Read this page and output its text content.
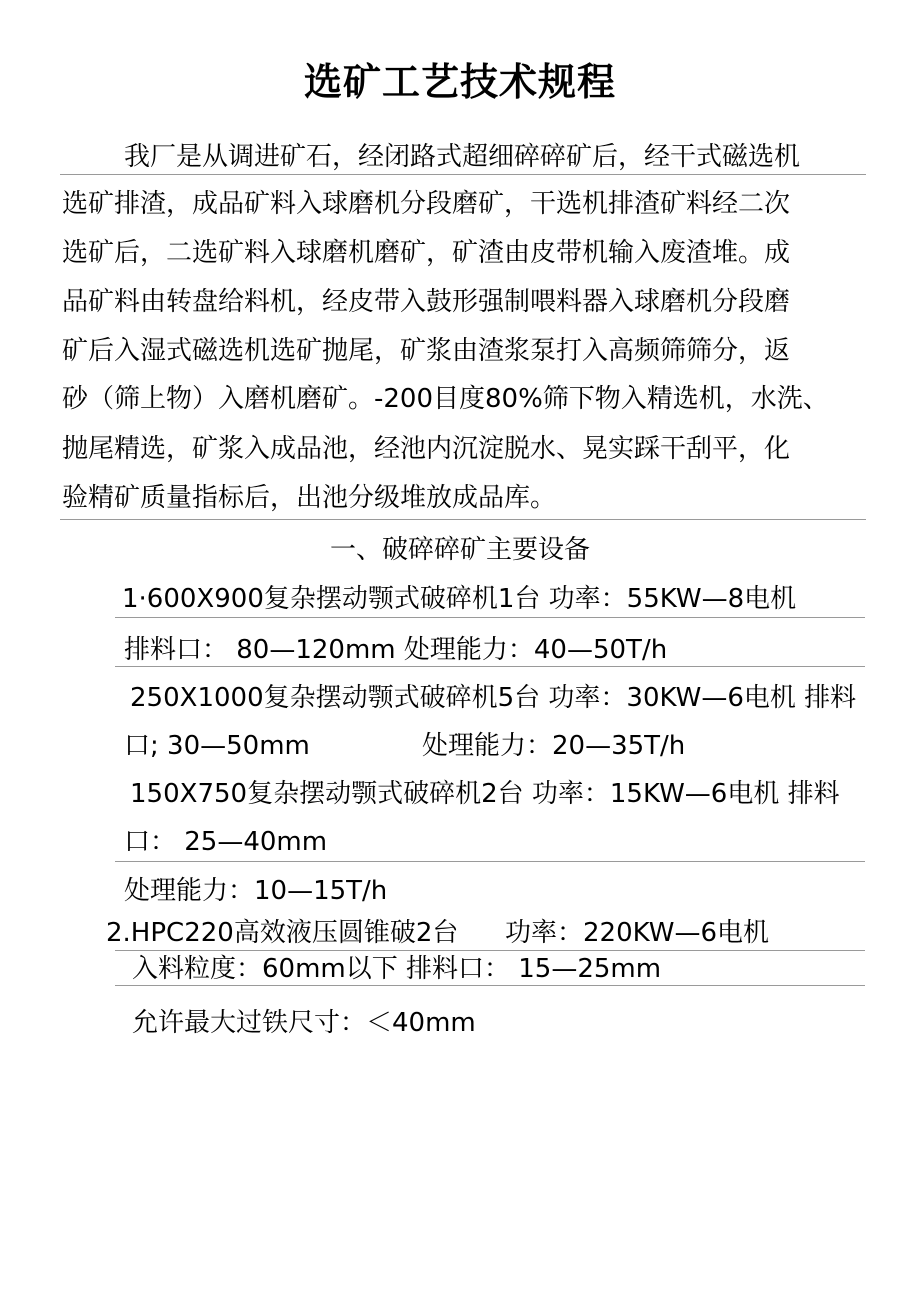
选矿工艺技术规程
我厂是从调进矿石，经闭路式超细碎碎矿后，经干式磁选机
选矿排渣，成品矿料入球磨机分段磨矿，干选机排渣矿料经二次
选矿后，二选矿料入球磨机磨矿，矿渣由皮带机输入废渣堆。成
品矿料由转盘给料机，经皮带入鼓形强制喂料器入球磨机分段磨
矿后入湿式磁选机选矿抛尾，矿浆由渣浆泵打入高频筛筛分，返
砂（筛上物）入磨机磨矿。-200目度80%筛下物入精选机，水洗、
抛尾精选，矿浆入成品池，经池内沉淀脱水、晃实踩干刮平，化
验精矿质量指标后，出池分级堆放成品库。
一、破碎碎矿主要设备
1·600X900复杂摆动颚式破碎机1台 功率：55KW—8电机
排料口： 80—120mm 处理能力：40—50T/h
250X1000复杂摆动颚式破碎机5台 功率：30KW—6电机 排料
口; 30—50mm	处理能力：20—35T/h
150X750复杂摆动颚式破碎机2台 功率：15KW—6电机 排料
口： 25—40mm
处理能力：10—15T/h
2.HPC220高效液压圆锥破2台 功率：220KW—6电机
入料粒度：60mm以下 排料口： 15—25mm
允许最大过铁尺寸：＜40mm
